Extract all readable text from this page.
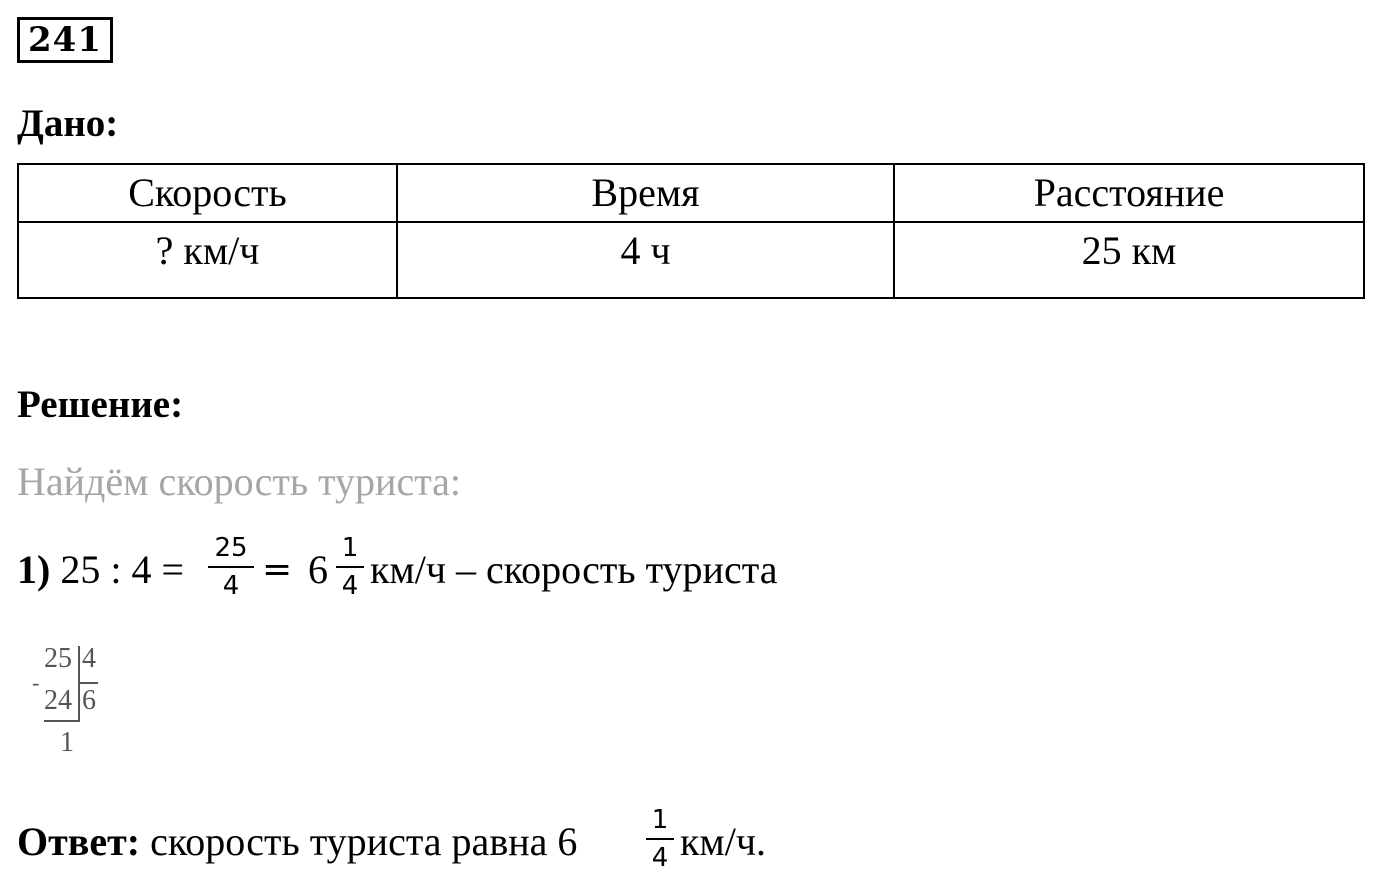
241
Дано:
Скорость	Время	Расстояние
? км/ч	4 ч	25 км
Решение:
Найдём скорость туриста:
1) 25 : 4 = 25
4 = 6 1
4 км/ч – скорость туриста
25 4
-
24 6
1
Ответ: скорость туриста равна 6	1
4 км/ч.
